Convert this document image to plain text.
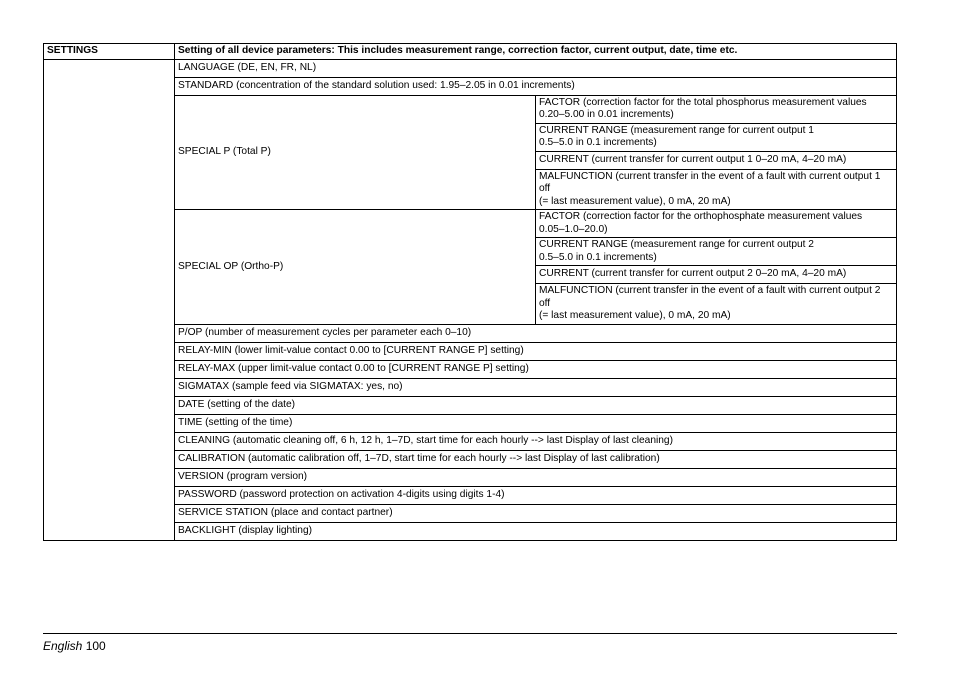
SETTINGS	Setting of all device parameters: This includes measurement range, correction factor, current output, date, time etc.	
	LANGUAGE (DE, EN, FR, NL)	
	STANDARD (concentration of the standard solution used: 1.95–2.05 in 0.01 increments)	
	SPECIAL P (Total P)	FACTOR (correction factor for the total phosphorus measurement values
0.20–5.00 in 0.01 increments)

		CURRENT RANGE (measurement range for current output 1
0.5–5.0 in 0.1 increments)

		CURRENT (current transfer for current output 1 0–20 mA, 4–20 mA)

		MALFUNCTION (current transfer in the event of a fault with current output 1 off
(= last measurement value), 0 mA, 20 mA)

	SPECIAL OP (Ortho-P)	FACTOR (correction factor for the orthophosphate measurement values
0.05–1.0–20.0)

		CURRENT RANGE (measurement range for current output 2
0.5–5.0 in 0.1 increments)

		CURRENT (current transfer for current output 2 0–20 mA, 4–20 mA)

		MALFUNCTION (current transfer in the event of a fault with current output 2 off
(= last measurement value), 0 mA, 20 mA)

	P/OP (number of measurement cycles per parameter each 0–10)	
	RELAY-MIN (lower limit-value contact 0.00 to [CURRENT RANGE P] setting)	
	RELAY-MAX (upper limit-value contact 0.00 to [CURRENT RANGE P] setting)	
	SIGMATAX (sample feed via SIGMATAX: yes, no)	
	DATE (setting of the date)	
	TIME (setting of the time)	
	CLEANING (automatic cleaning off, 6 h, 12 h, 1–7D, start time for each hourly --> last Display of last cleaning)	
	CALIBRATION (automatic calibration off, 1–7D, start time for each hourly --> last Display of last calibration)	
	VERSION (program version)	
	PASSWORD (password protection on activation 4-digits using digits 1-4)	
	SERVICE STATION (place and contact partner)	
	BACKLIGHT (display lighting)	
English 100
